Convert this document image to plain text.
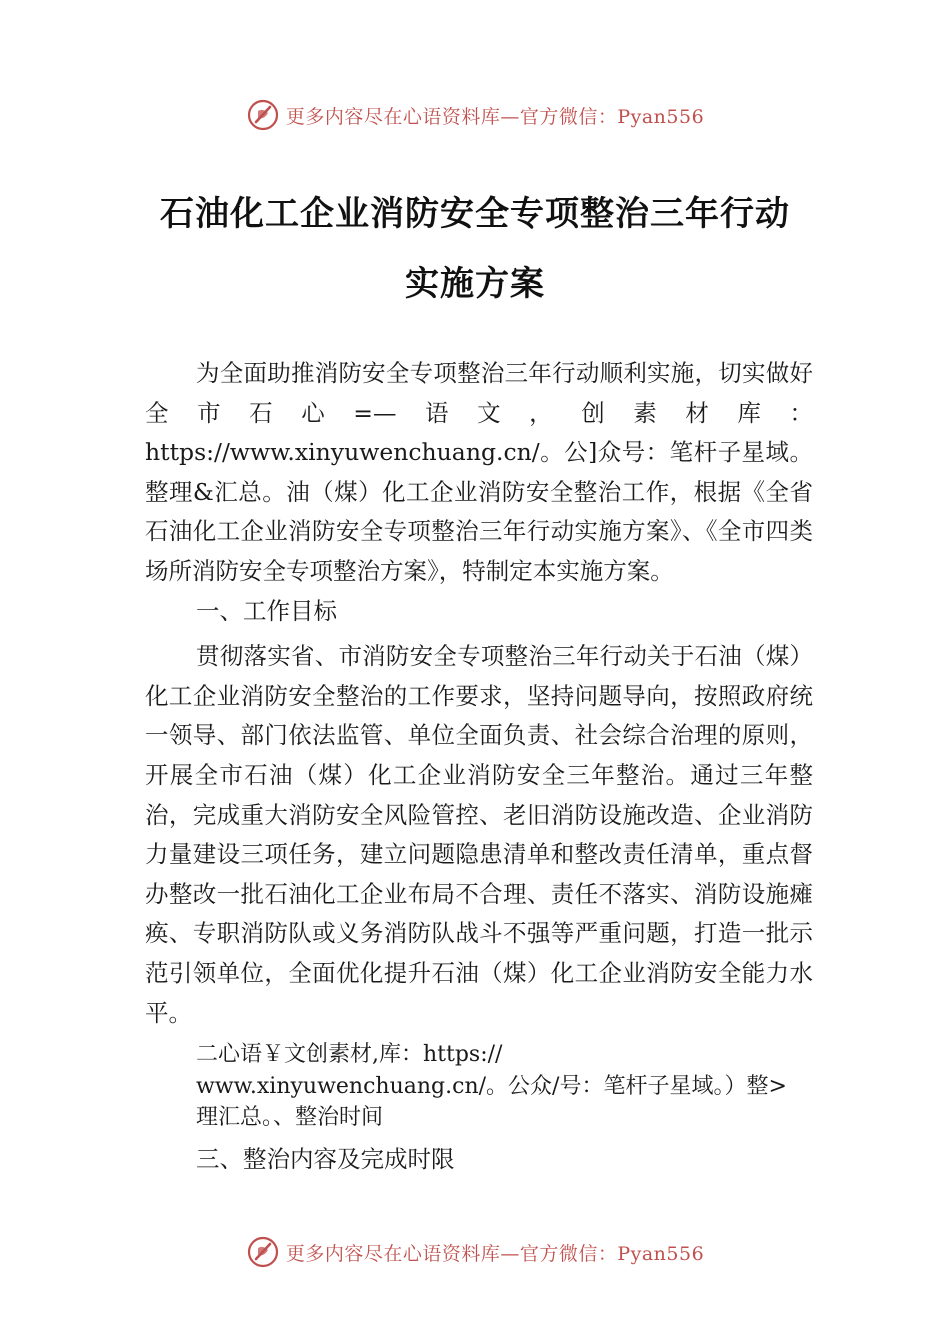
更多内容尽在心语资料库—官方微信：Pyan556
石油化工企业消防安全专项整治三年行动
实施方案

为全面助推消防安全专项整治三年行动顺利实施，切实做好全市石心=—语文，创素材库：https://www.xinyuwenchuang.cn/。公]众号：笔杆子星域。整理&汇总。油（煤）化工企业消防安全整治工作，根据《全省石油化工企业消防安全专项整治三年行动实施方案》、《全市四类场所消防安全专项整治方案》，特制定本实施方案。

一、工作目标

贯彻落实省、市消防安全专项整治三年行动关于石油（煤）化工企业消防安全整治的工作要求，坚持问题导向，按照政府统一领导、部门依法监管、单位全面负责、社会综合治理的原则，开展全市石油（煤）化工企业消防安全三年整治。通过三年整治，完成重大消防安全风险管控、老旧消防设施改造、企业消防力量建设三项任务，建立问题隐患清单和整改责任清单，重点督办整改一批石油化工企业布局不合理、责任不落实、消防设施瘫痪、专职消防队或义务消防队战斗不强等严重问题，打造一批示范引领单位，全面优化提升石油（煤）化工企业消防安全能力水平。

二心语￥文创素材,库：https://
www.xinyuwenchuang.cn/。公众/号：笔杆子星域。）整>
理汇总。、整治时间

三、整治内容及完成时限

更多内容尽在心语资料库—官方微信：Pyan556
